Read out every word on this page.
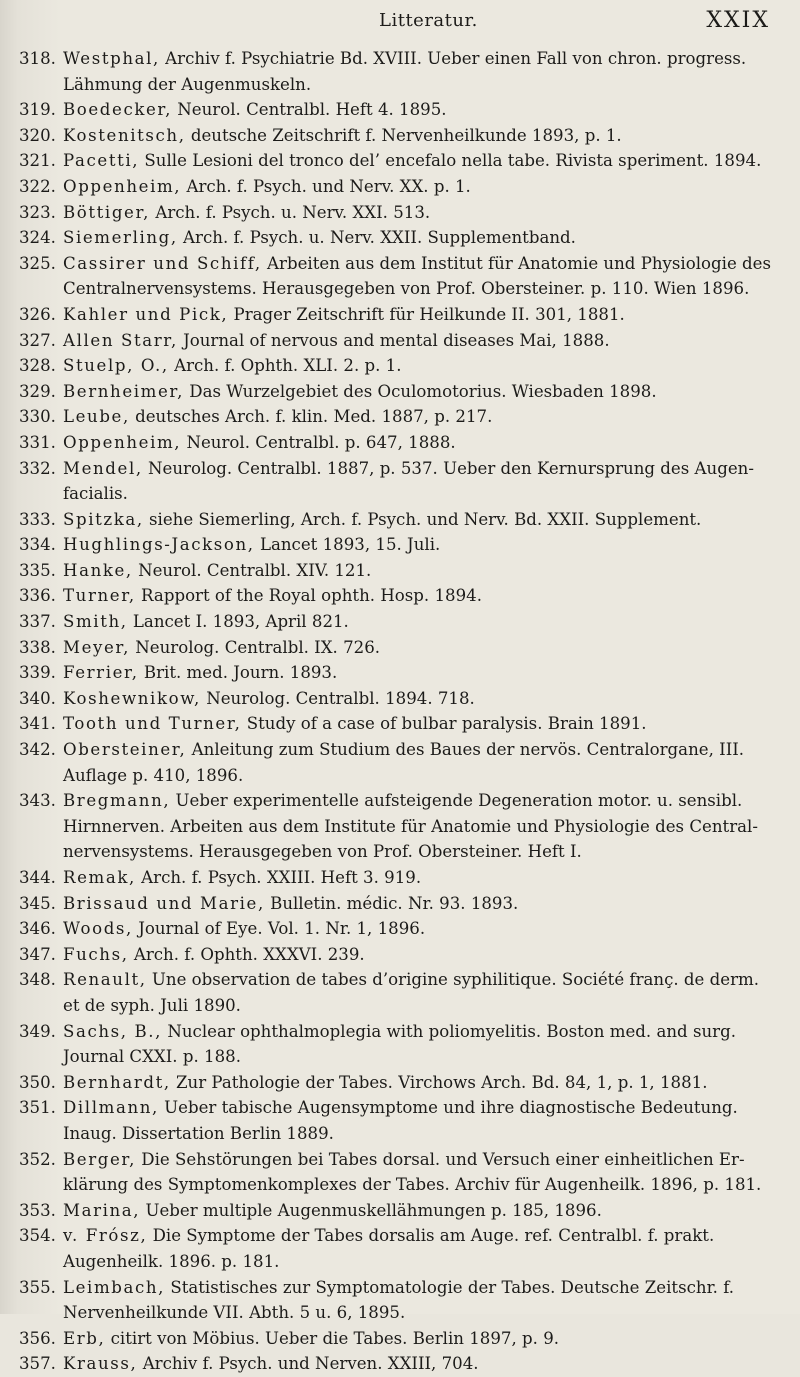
Litteratur.	XXIX
318. Westphal, Archiv f. Psychiatrie Bd. XVIII. Ueber einen Fall von chron. progress. Lähmung der Augenmuskeln.
319. Boedecker, Neurol. Centralbl. Heft 4. 1895.
320. Kostenitsch, deutsche Zeitschrift f. Nervenheilkunde 1893, p. 1.
321. Pacetti, Sulle Lesioni del tronco del’ encefalo nella tabe. Rivista speriment. 1894.
322. Oppenheim, Arch. f. Psych. und Nerv. XX. p. 1.
323. Böttiger, Arch. f. Psych. u. Nerv. XXI. 513.
324. Siemerling, Arch. f. Psych. u. Nerv. XXII. Supplementband.
325. Cassirer und Schiff, Arbeiten aus dem Institut für Anatomie und Physiologie des Centralnervensystems. Herausgegeben von Prof. Obersteiner. p. 110. Wien 1896.
326. Kahler und Pick, Prager Zeitschrift für Heilkunde II. 301, 1881.
327. Allen Starr, Journal of nervous and mental diseases Mai, 1888.
328. Stuelp, O., Arch. f. Ophth. XLI. 2. p. 1.
329. Bernheimer, Das Wurzelgebiet des Oculomotorius. Wiesbaden 1898.
330. Leube, deutsches Arch. f. klin. Med. 1887, p. 217.
331. Oppenheim, Neurol. Centralbl. p. 647, 1888.
332. Mendel, Neurolog. Centralbl. 1887, p. 537. Ueber den Kernursprung des Augen-facialis.
333. Spitzka, siehe Siemerling, Arch. f. Psych. und Nerv. Bd. XXII. Supplement.
334. Hughlings-Jackson, Lancet 1893, 15. Juli.
335. Hanke, Neurol. Centralbl. XIV. 121.
336. Turner, Rapport of the Royal ophth. Hosp. 1894.
337. Smith, Lancet I. 1893, April 821.
338. Meyer, Neurolog. Centralbl. IX. 726.
339. Ferrier, Brit. med. Journ. 1893.
340. Koshewnikow, Neurolog. Centralbl. 1894. 718.
341. Tooth und Turner, Study of a case of bulbar paralysis. Brain 1891.
342. Obersteiner, Anleitung zum Studium des Baues der nervös. Centralorgane, III. Auflage p. 410, 1896.
343. Bregmann, Ueber experimentelle aufsteigende Degeneration motor. u. sensibl. Hirnnerven. Arbeiten aus dem Institute für Anatomie und Physiologie des Central-nervensystems. Herausgegeben von Prof. Obersteiner. Heft I.
344. Remak, Arch. f. Psych. XXIII. Heft 3. 919.
345. Brissaud und Marie, Bulletin. médic. Nr. 93. 1893.
346. Woods, Journal of Eye. Vol. 1. Nr. 1, 1896.
347. Fuchs, Arch. f. Ophth. XXXVI. 239.
348. Renault, Une observation de tabes d’origine syphilitique. Société franç. de derm. et de syph. Juli 1890.
349. Sachs, B., Nuclear ophthalmoplegia with poliomyelitis. Boston med. and surg. Journal CXXI. p. 188.
350. Bernhardt, Zur Pathologie der Tabes. Virchows Arch. Bd. 84, 1, p. 1, 1881.
351. Dillmann, Ueber tabische Augensymptome und ihre diagnostische Bedeutung. Inaug. Dissertation Berlin 1889.
352. Berger, Die Sehstörungen bei Tabes dorsal. und Versuch einer einheitlichen Er-klärung des Symptomenkomplexes der Tabes. Archiv für Augenheilk. 1896, p. 181.
353. Marina, Ueber multiple Augenmuskellähmungen p. 185, 1896.
354. v. Frósz, Die Symptome der Tabes dorsalis am Auge. ref. Centralbl. f. prakt. Augenheilk. 1896. p. 181.
355. Leimbach, Statistisches zur Symptomatologie der Tabes. Deutsche Zeitschr. f. Nervenheilkunde VII. Abth. 5 u. 6, 1895.
356. Erb, citirt von Möbius. Ueber die Tabes. Berlin 1897, p. 9.
357. Krauss, Archiv f. Psych. und Nerven. XXIII, 704.
